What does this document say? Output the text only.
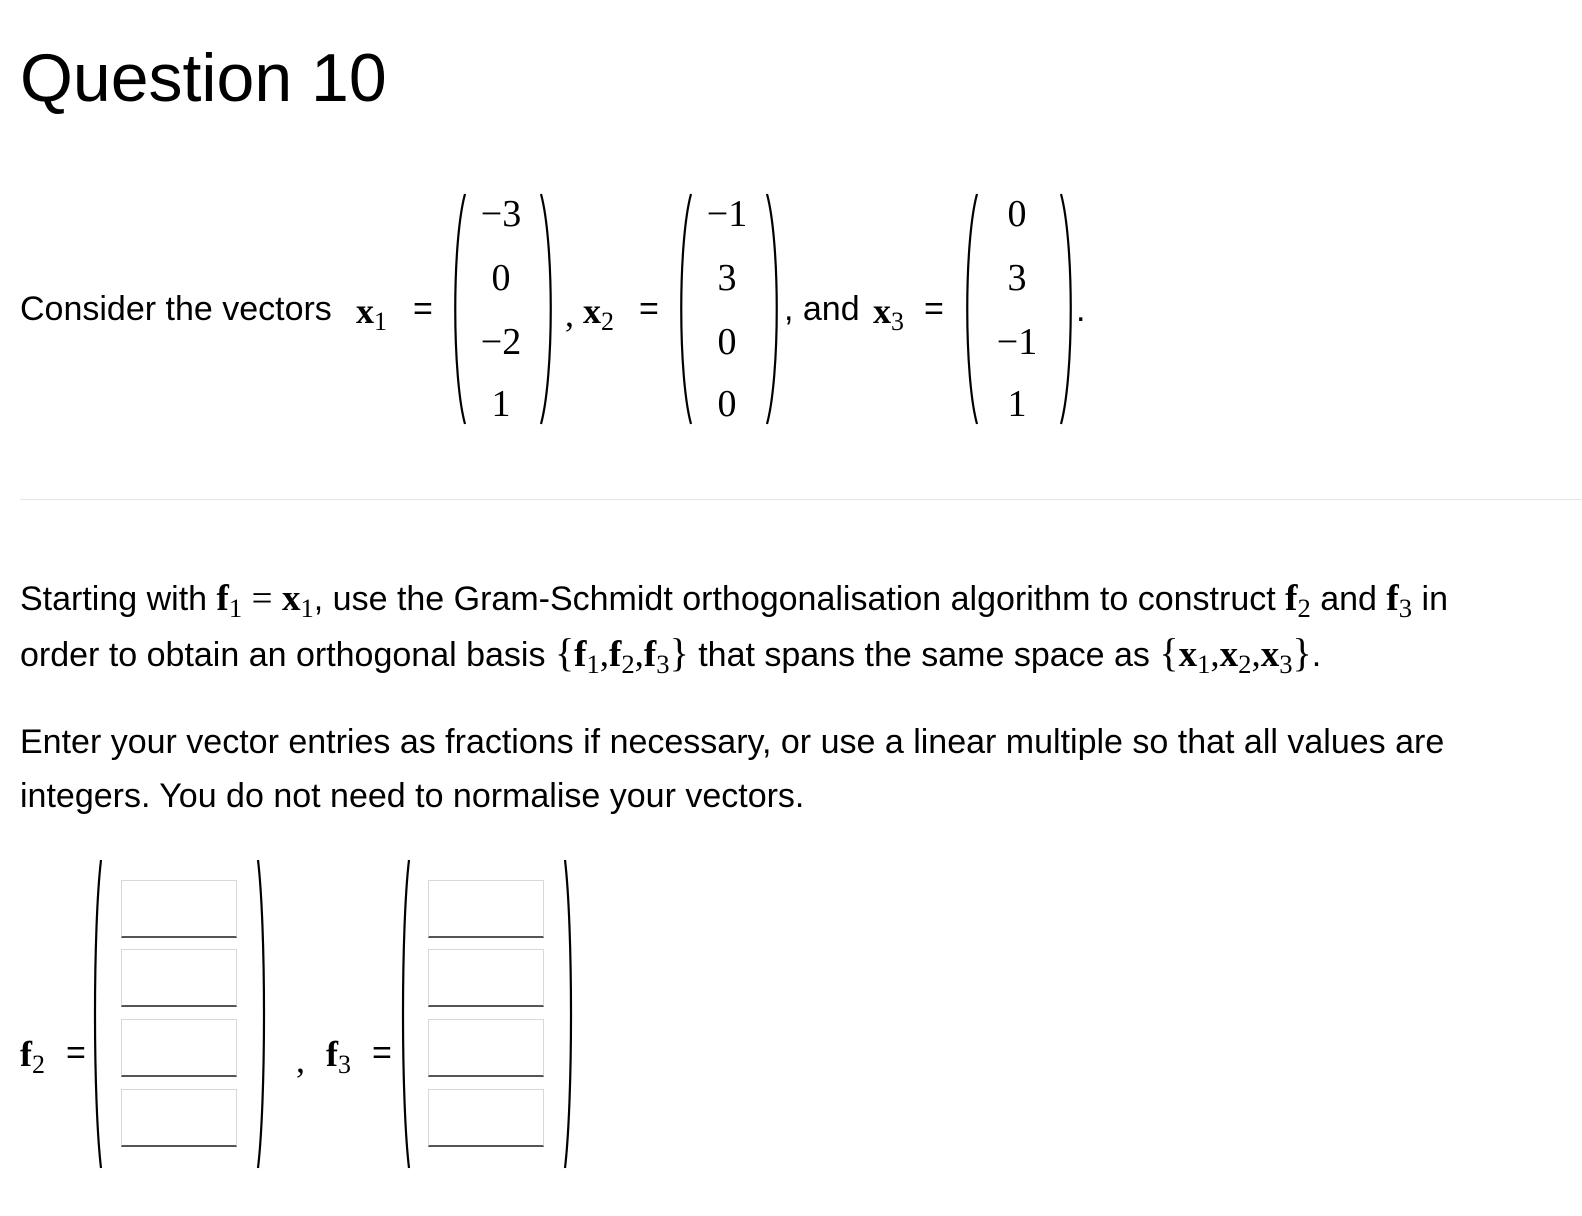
Question 10
Consider the vectors $x_1$ =
−3
0
−2
1
, $x_2$ =
−1
3
0
0
, and $x_3$ =
0
3
−1
1
.
Starting with $f_1 = x_1$, use the Gram-Schmidt orthogonalisation algorithm to construct $f_2$ and $f_3$ in
order to obtain an orthogonal basis $\{f_1,f_2,f_3\}$ that spans the same space as $\{x_1,x_2,x_3\}$.
Enter your vector entries as fractions if necessary, or use a linear multiple so that all values are
integers. You do not need to normalise your vectors.
$f_2$ =	, $f_3$ =
